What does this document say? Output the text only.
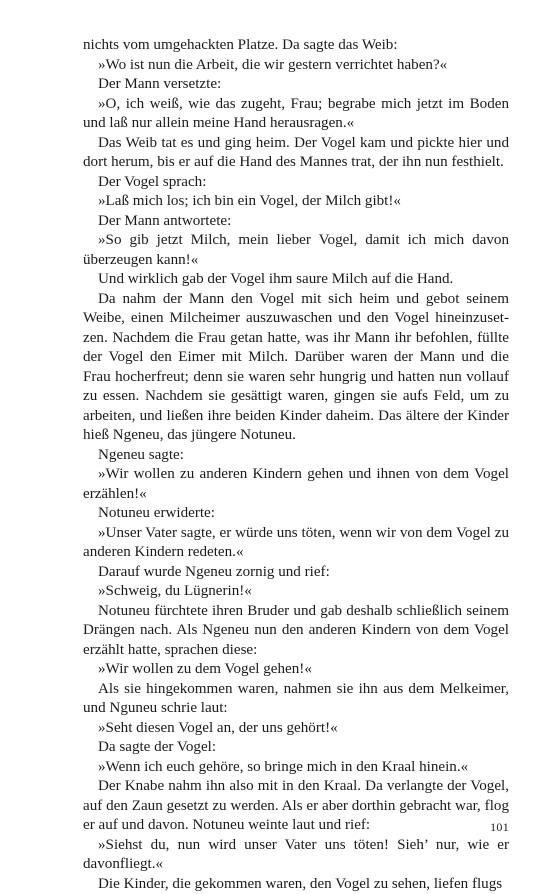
nichts vom umgehackten Platze. Da sagte das Weib:

»Wo ist nun die Arbeit, die wir gestern verrichtet haben?«

Der Mann versetzte:

»O, ich weiß, wie das zugeht, Frau; begrabe mich jetzt im Boden und laß nur allein meine Hand herausragen.«

Das Weib tat es und ging heim. Der Vogel kam und pickte hier und dort herum, bis er auf die Hand des Mannes trat, der ihn nun festhielt.

Der Vogel sprach:

»Laß mich los; ich bin ein Vogel, der Milch gibt!«

Der Mann antwortete:

»So gib jetzt Milch, mein lieber Vogel, damit ich mich davon überzeugen kann!«

Und wirklich gab der Vogel ihm saure Milch auf die Hand.

Da nahm der Mann den Vogel mit sich heim und gebot seinem Weibe, einen Milcheimer auszuwaschen und den Vogel hineinzusetzen. Nachdem die Frau getan hatte, was ihr Mann ihr befohlen, füllte der Vogel den Eimer mit Milch. Darüber waren der Mann und die Frau hocherfreut; denn sie waren sehr hungrig und hatten nun vollauf zu essen. Nachdem sie gesättigt waren, gingen sie aufs Feld, um zu arbeiten, und ließen ihre beiden Kinder daheim. Das ältere der Kinder hieß Ngeneu, das jüngere Notuneu.

Ngeneu sagte:

»Wir wollen zu anderen Kindern gehen und ihnen von dem Vogel erzählen!«

Notuneu erwiderte:

»Unser Vater sagte, er würde uns töten, wenn wir von dem Vogel zu anderen Kindern redeten.«

Darauf wurde Ngeneu zornig und rief:

»Schweig, du Lügnerin!«

Notuneu fürchtete ihren Bruder und gab deshalb schließlich seinem Drängen nach. Als Ngeneu nun den anderen Kindern von dem Vogel erzählt hatte, sprachen diese:

»Wir wollen zu dem Vogel gehen!«

Als sie hingekommen waren, nahmen sie ihn aus dem Melkeimer, und Nguneu schrie laut:

»Seht diesen Vogel an, der uns gehört!«

Da sagte der Vogel:

»Wenn ich euch gehöre, so bringe mich in den Kraal hinein.«

Der Knabe nahm ihn also mit in den Kraal. Da verlangte der Vogel, auf den Zaun gesetzt zu werden. Als er aber dorthin gebracht war, flog er auf und davon. Notuneu weinte laut und rief:

»Siehst du, nun wird unser Vater uns töten! Sieh’ nur, wie er davonfliegt.«

Die Kinder, die gekommen waren, den Vogel zu sehen, liefen flugs

101
